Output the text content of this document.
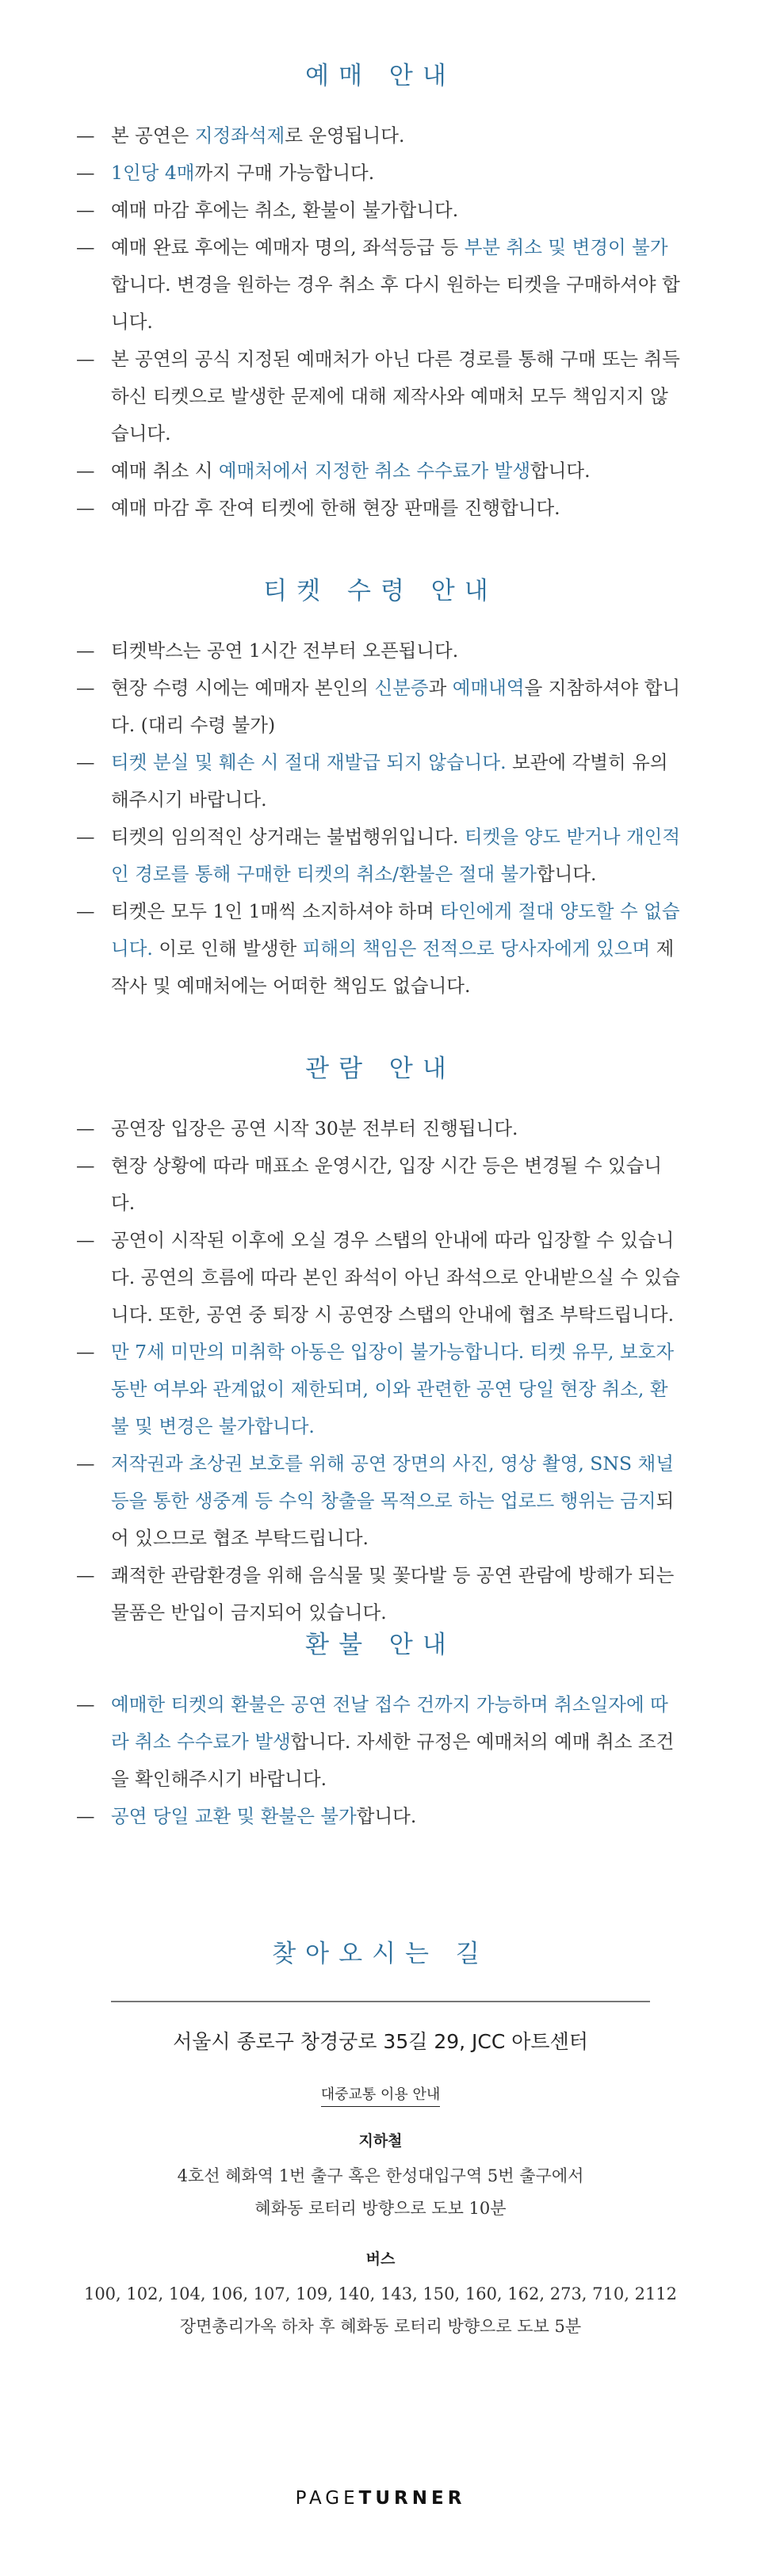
예매 안내
— 본 공연은 지정좌석제로 운영됩니다.
— 1인당 4매까지 구매 가능합니다.
— 예매 마감 후에는 취소, 환불이 불가합니다.
— 예매 완료 후에는 예매자 명의, 좌석등급 등 부분 취소 및 변경이 불가합니다. 변경을 원하는 경우 취소 후 다시 원하는 티켓을 구매하셔야 합니다.
— 본 공연의 공식 지정된 예매처가 아닌 다른 경로를 통해 구매 또는 취득하신 티켓으로 발생한 문제에 대해 제작사와 예매처 모두 책임지지 않습니다.
— 예매 취소 시 예매처에서 지정한 취소 수수료가 발생합니다.
— 예매 마감 후 잔여 티켓에 한해 현장 판매를 진행합니다.
티켓 수령 안내
— 티켓박스는 공연 1시간 전부터 오픈됩니다.
— 현장 수령 시에는 예매자 본인의 신분증과 예매내역을 지참하셔야 합니다. (대리 수령 불가)
— 티켓 분실 및 훼손 시 절대 재발급 되지 않습니다. 보관에 각별히 유의해주시기 바랍니다.
— 티켓의 임의적인 상거래는 불법행위입니다. 티켓을 양도 받거나 개인적인 경로를 통해 구매한 티켓의 취소/환불은 절대 불가합니다.
— 티켓은 모두 1인 1매씩 소지하셔야 하며 타인에게 절대 양도할 수 없습니다. 이로 인해 발생한 피해의 책임은 전적으로 당사자에게 있으며 제작사 및 예매처에는 어떠한 책임도 없습니다.
관람 안내
— 공연장 입장은 공연 시작 30분 전부터 진행됩니다.
— 현장 상황에 따라 매표소 운영시간, 입장 시간 등은 변경될 수 있습니다.
— 공연이 시작된 이후에 오실 경우 스탭의 안내에 따라 입장할 수 있습니다. 공연의 흐름에 따라 본인 좌석이 아닌 좌석으로 안내받으실 수 있습니다. 또한, 공연 중 퇴장 시 공연장 스탭의 안내에 협조 부탁드립니다.
— 만 7세 미만의 미취학 아동은 입장이 불가능합니다. 티켓 유무, 보호자 동반 여부와 관계없이 제한되며, 이와 관련한 공연 당일 현장 취소, 환불 및 변경은 불가합니다.
— 저작권과 초상권 보호를 위해 공연 장면의 사진, 영상 촬영, SNS 채널 등을 통한 생중계 등 수익 창출을 목적으로 하는 업로드 행위는 금지되어 있으므로 협조 부탁드립니다.
— 쾌적한 관람환경을 위해 음식물 및 꽃다발 등 공연 관람에 방해가 되는 물품은 반입이 금지되어 있습니다.
환불 안내
— 예매한 티켓의 환불은 공연 전날 접수 건까지 가능하며 취소일자에 따라 취소 수수료가 발생합니다. 자세한 규정은 예매처의 예매 취소 조건을 확인해주시기 바랍니다.
— 공연 당일 교환 및 환불은 불가합니다.
찾아오시는 길
서울시 종로구 창경궁로 35길 29, JCC 아트센터
대중교통 이용 안내
지하철
4호선 혜화역 1번 출구 혹은 한성대입구역 5번 출구에서
혜화동 로터리 방향으로 도보 10분
버스
100, 102, 104, 106, 107, 109, 140, 143, 150, 160, 162, 273, 710, 2112
장면총리가옥 하차 후 혜화동 로터리 방향으로 도보 5분
PAGETURNER
